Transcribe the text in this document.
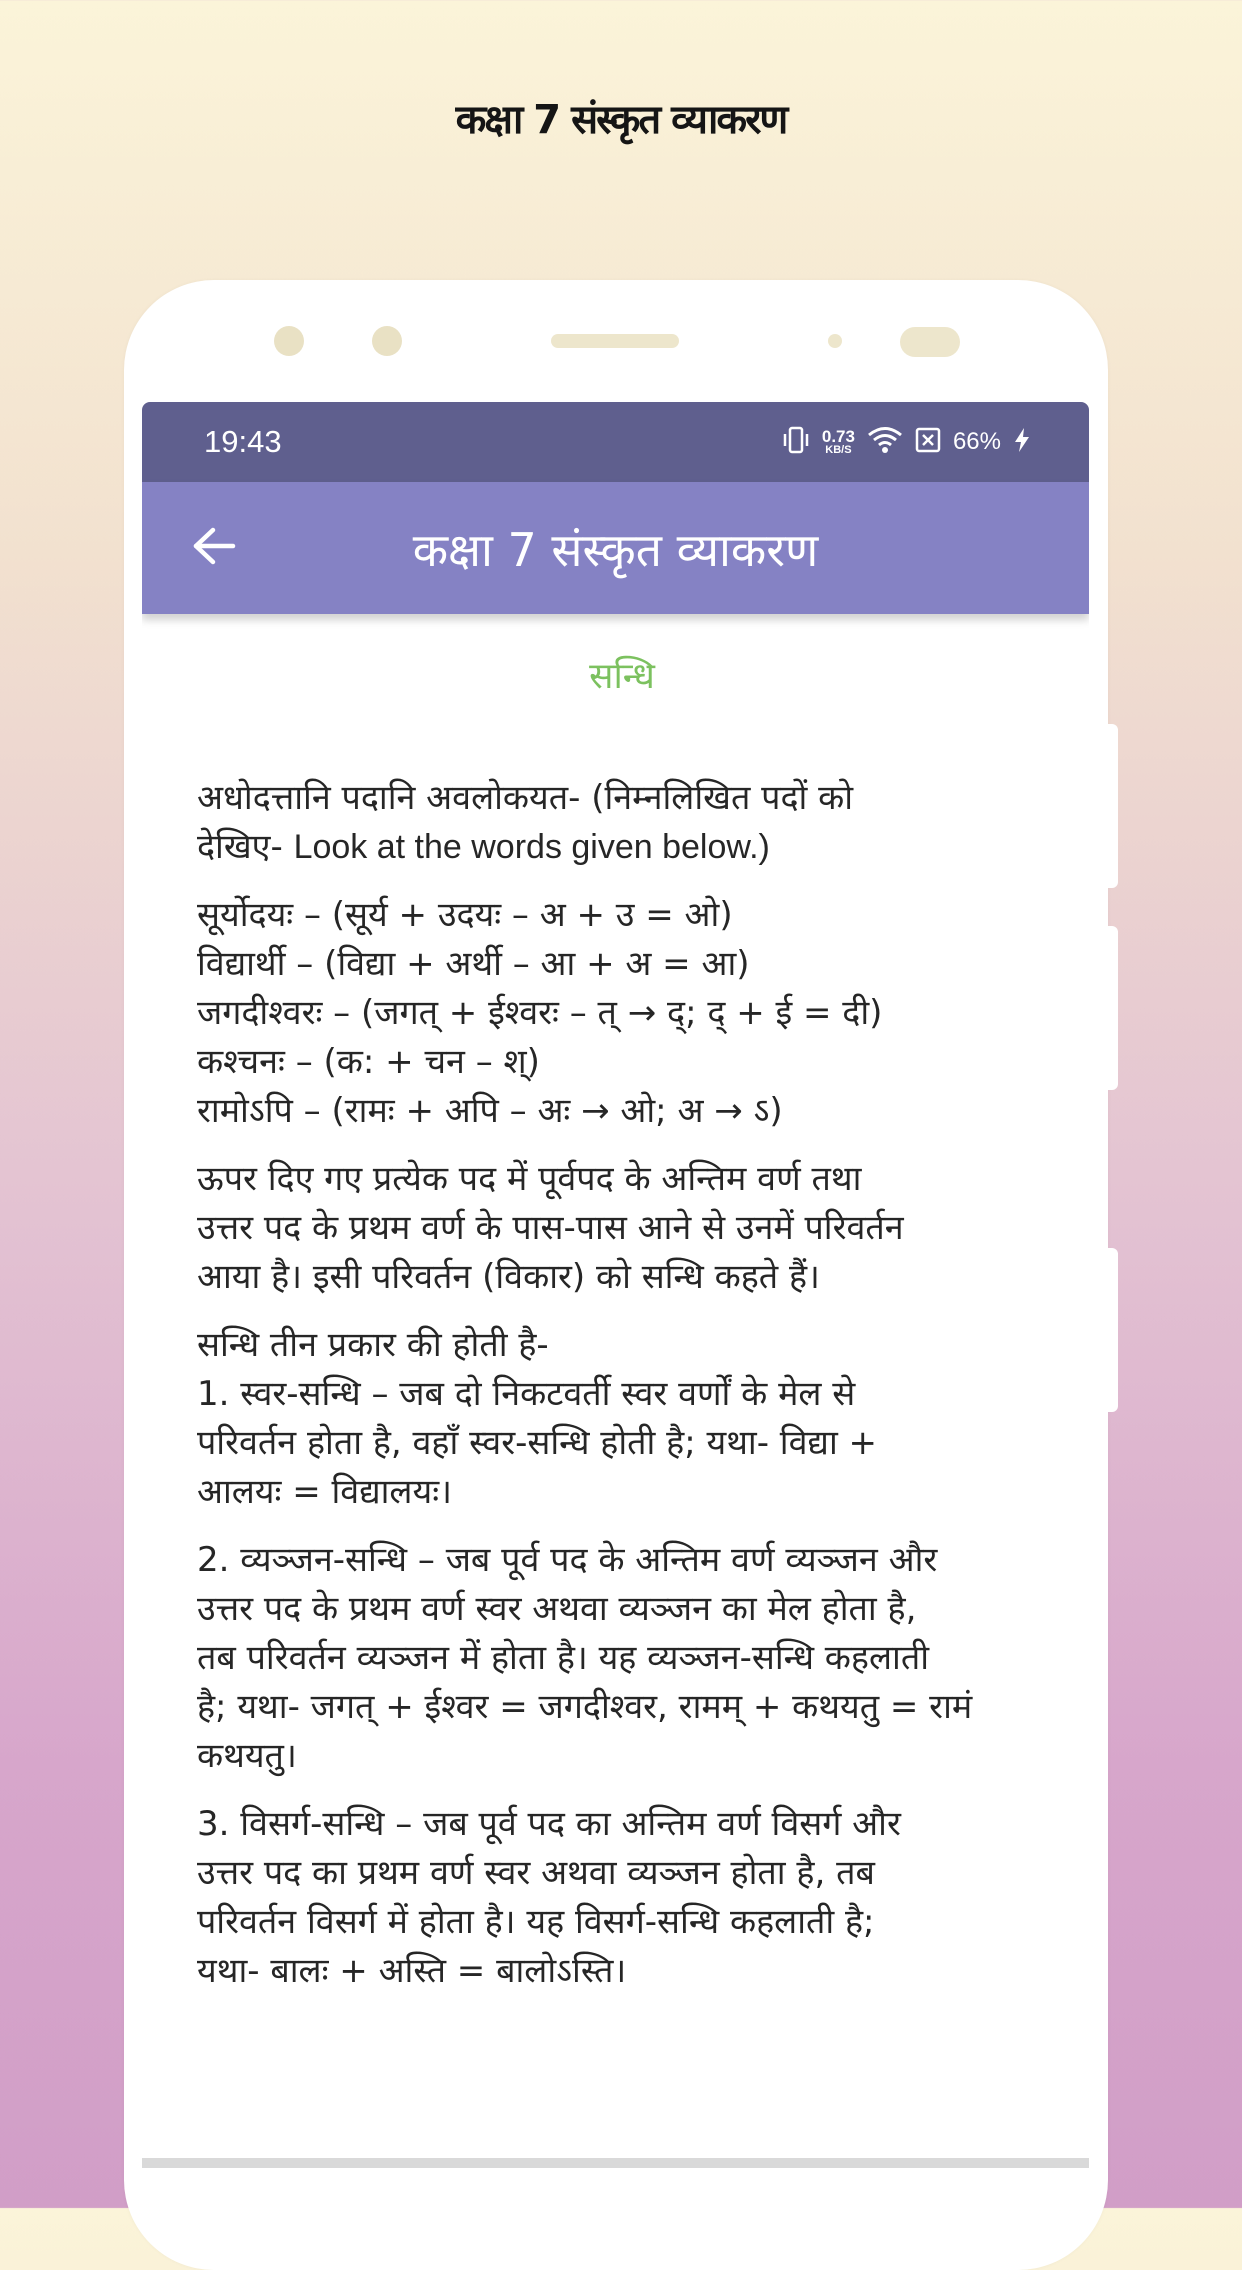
कक्षा 7 संस्कृत व्याकरण
19:43	0.73
KB/S	66%
कक्षा 7 संस्कृत व्याकरण
सन्धि
अधोदत्तानि पदानि अवलोकयत- (निम्नलिखित पदों को
देखिए- Look at the words given below.)
सूर्योदयः – (सूर्य + उदयः – अ + उ = ओ)
विद्यार्थी – (विद्या + अर्थी – आ + अ = आ)
जगदीश्वरः – (जगत् + ईश्वरः – त् → द्; द् + ई = दी)
कश्चनः – (क: + चन – श्)
रामोऽपि – (रामः + अपि – अः → ओ; अ → ऽ)
ऊपर दिए गए प्रत्येक पद में पूर्वपद के अन्तिम वर्ण तथा
उत्तर पद के प्रथम वर्ण के पास-पास आने से उनमें परिवर्तन
आया है। इसी परिवर्तन (विकार) को सन्धि कहते हैं।
सन्धि तीन प्रकार की होती है-
1. स्वर-सन्धि – जब दो निकटवर्ती स्वर वर्णों के मेल से
परिवर्तन होता है, वहाँ स्वर-सन्धि होती है; यथा- विद्या +
आलयः = विद्यालयः।
2. व्यञ्जन-सन्धि – जब पूर्व पद के अन्तिम वर्ण व्यञ्जन और
उत्तर पद के प्रथम वर्ण स्वर अथवा व्यञ्जन का मेल होता है,
तब परिवर्तन व्यञ्जन में होता है। यह व्यञ्जन-सन्धि कहलाती
है; यथा- जगत् + ईश्वर = जगदीश्वर, रामम् + कथयतु = रामं
कथयतु।
3. विसर्ग-सन्धि – जब पूर्व पद का अन्तिम वर्ण विसर्ग और
उत्तर पद का प्रथम वर्ण स्वर अथवा व्यञ्जन होता है, तब
परिवर्तन विसर्ग में होता है। यह विसर्ग-सन्धि कहलाती है;
यथा- बालः + अस्ति = बालोऽस्ति।
